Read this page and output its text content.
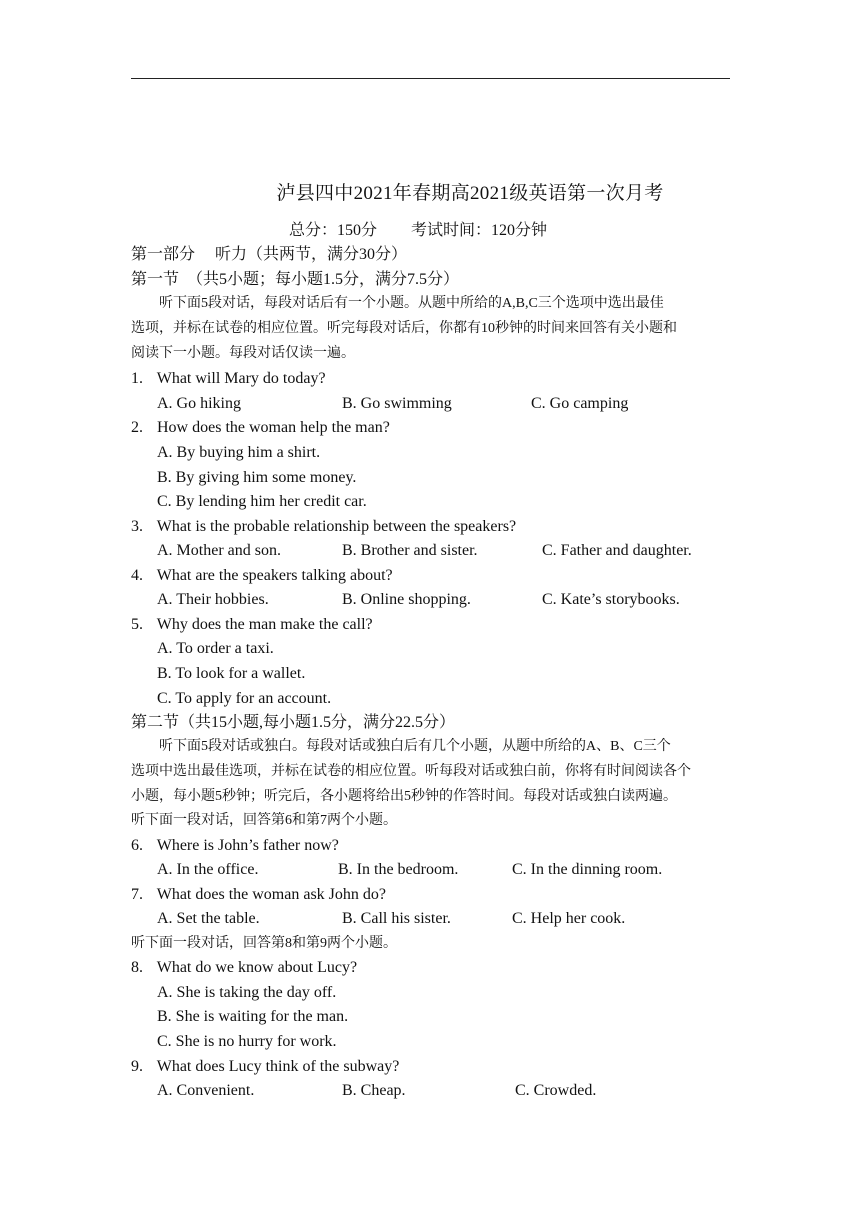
泸县四中2021年春期高2021级英语第一次月考
总分：150分 考试时间：120分钟
第一部分　 听力（共两节，满分30分）
第一节　（共5小题；每小题1.5分，满分7.5分）
　　听下面5段对话，每段对话后有一个小题。从题中所给的A,B,C三个选项中选出最佳
选项，并标在试卷的相应位置。听完每段对话后，你都有10秒钟的时间来回答有关小题和
阅读下一小题。每段对话仅读一遍。
1. What will Mary do today?
A. Go hiking	B. Go swimming	C. Go camping
2. How does the woman help the man?
A. By buying him a shirt.
B. By giving him some money.
C. By lending him her credit car.
3. What is the probable relationship between the speakers?
A. Mother and son.	B. Brother and sister.	C. Father and daughter.
4. What are the speakers talking about?
A. Their hobbies.	B. Online shopping.	C. Kate’s storybooks.
5. Why does the man make the call?
A. To order a taxi.
B. To look for a wallet.
C. To apply for an account.
第二节（共15小题,每小题1.5分，满分22.5分）
　　听下面5段对话或独白。每段对话或独白后有几个小题，从题中所给的A、B、C三个
选项中选出最佳选项，并标在试卷的相应位置。听每段对话或独白前，你将有时间阅读各个
小题，每小题5秒钟；听完后，各小题将给出5秒钟的作答时间。每段对话或独白读两遍。
听下面一段对话，回答第6和第7两个小题。
6. Where is John’s father now?
A. In the office.	B. In the bedroom.	C. In the dinning room.
7. What does the woman ask John do?
A. Set the table.	B. Call his sister.	C. Help her cook.
听下面一段对话，回答第8和第9两个小题。
8. What do we know about Lucy?
A. She is taking the day off.
B. She is waiting for the man.
C. She is no hurry for work.
9. What does Lucy think of the subway?
A. Convenient.	B. Cheap.	C. Crowded.
